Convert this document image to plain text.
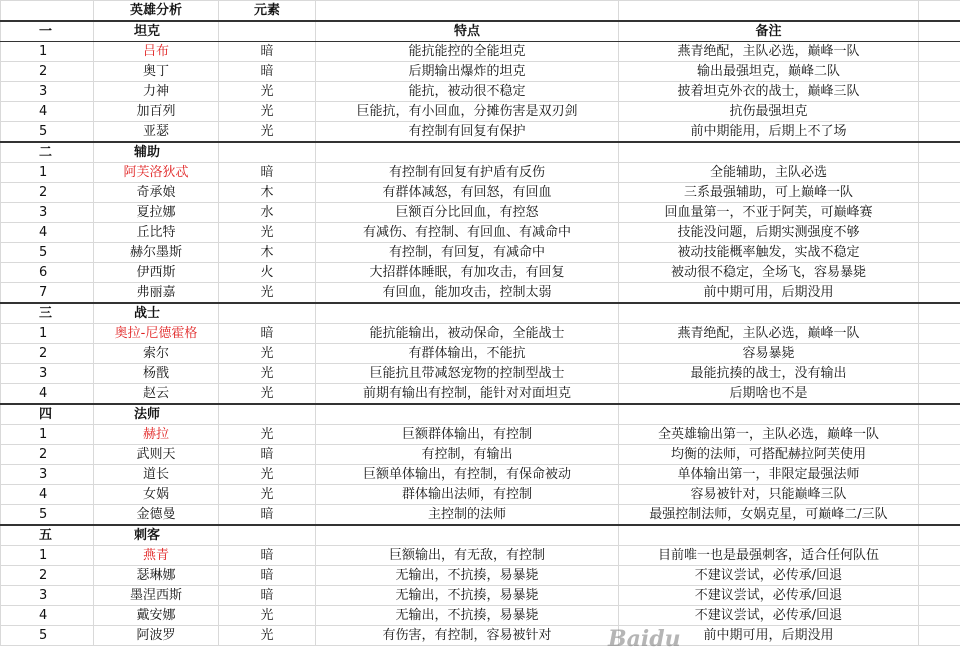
	英雄分析	元素			
一	坦克		特点	备注	
1	吕布	暗	能抗能控的全能坦克	燕青绝配，主队必选，巅峰一队	
2	奥丁	暗	后期输出爆炸的坦克	输出最强坦克，巅峰二队	
3	力神	光	能抗，被动很不稳定	披着坦克外衣的战士，巅峰三队	
4	加百列	光	巨能抗，有小回血，分摊伤害是双刃剑	抗伤最强坦克	
5	亚瑟	光	有控制有回复有保护	前中期能用，后期上不了场	
二	辅助				
1	阿芙洛狄忒	暗	有控制有回复有护盾有反伤	全能辅助，主队必选	
2	奇承娘	木	有群体减怒，有回怒，有回血	三系最强辅助，可上巅峰一队	
3	夏拉娜	水	巨额百分比回血，有控怒	回血量第一，不亚于阿芙，可巅峰赛	
4	丘比特	光	有减伤、有控制、有回血、有减命中	技能没问题，后期实测强度不够	
5	赫尔墨斯	木	有控制，有回复，有减命中	被动技能概率触发，实战不稳定	
6	伊西斯	火	大招群体睡眠，有加攻击，有回复	被动很不稳定，全场飞，容易暴毙	
7	弗丽嘉	光	有回血，能加攻击，控制太弱	前中期可用，后期没用	
三	战士				
1	奥拉-尼德霍格	暗	能抗能输出，被动保命，全能战士	燕青绝配，主队必选，巅峰一队	
2	索尔	光	有群体输出，不能抗	容易暴毙	
3	杨戬	光	巨能抗且带减怒宠物的控制型战士	最能抗揍的战士，没有输出	
4	赵云	光	前期有输出有控制，能针对对面坦克	后期啥也不是	
四	法师				
1	赫拉	光	巨额群体输出，有控制	全英雄输出第一，主队必选，巅峰一队	
2	武则天	暗	有控制，有输出	均衡的法师，可搭配赫拉阿芙使用	
3	道长	光	巨额单体输出，有控制，有保命被动	单体输出第一，非限定最强法师	
4	女娲	光	群体输出法师，有控制	容易被针对，只能巅峰三队	
5	金德曼	暗	主控制的法师	最强控制法师，女娲克星，可巅峰二/三队	
五	刺客				
1	燕青	暗	巨额输出，有无敌，有控制	目前唯一也是最强刺客，适合任何队伍	
2	瑟琳娜	暗	无输出，不抗揍，易暴毙	不建议尝试，必传承/回退	
3	墨涅西斯	暗	无输出，不抗揍，易暴毙	不建议尝试，必传承/回退	
4	戴安娜	光	无输出，不抗揍，易暴毙	不建议尝试，必传承/回退	
5	阿波罗	光	有伤害，有控制，容易被针对	前中期可用，后期没用	
Baidu
